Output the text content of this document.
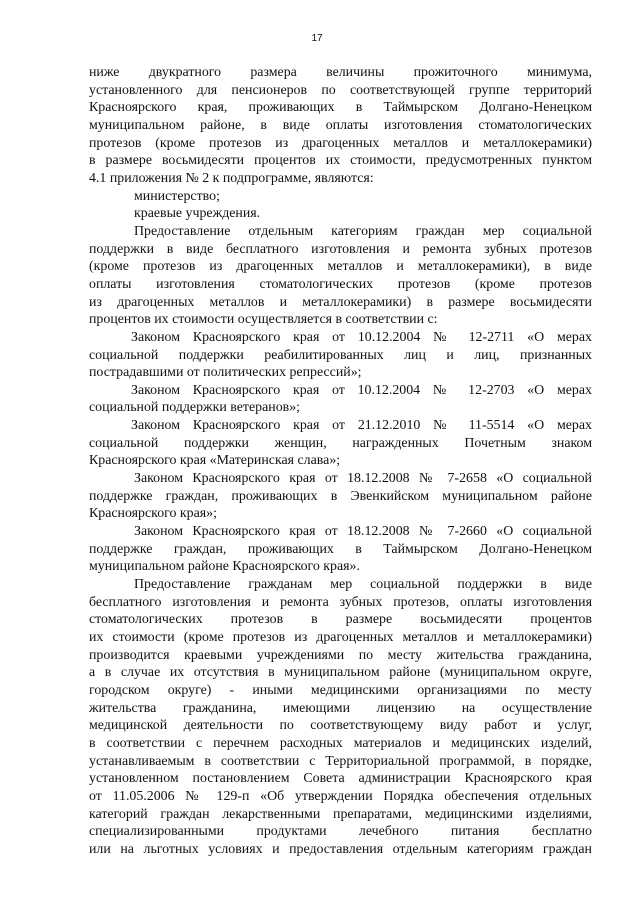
17
ниже двукратного размера величины прожиточного минимума,
установленного для пенсионеров по соответствующей группе территорий
Красноярского края, проживающих в Таймырском Долгано-Ненецком
муниципальном районе, в виде оплаты изготовления стоматологических
протезов (кроме протезов из драгоценных металлов и металлокерамики)
в размере восьмидесяти процентов их стоимости, предусмотренных пунктом
4.1 приложения № 2 к подпрограмме, являются:
министерство;
краевые учреждения.
Предоставление отдельным категориям граждан мер социальной
поддержки в виде бесплатного изготовления и ремонта зубных протезов
(кроме протезов из драгоценных металлов и металлокерамики), в виде
оплаты изготовления стоматологических протезов (кроме протезов
из драгоценных металлов и металлокерамики) в размере восьмидесяти
процентов их стоимости осуществляется в соответствии с:
Законом Красноярского края от 10.12.2004 № 12-2711 «О мерах
социальной поддержки реабилитированных лиц и лиц, признанных
пострадавшими от политических репрессий»;
Законом Красноярского края от 10.12.2004 № 12-2703 «О мерах
социальной поддержки ветеранов»;
Законом Красноярского края от 21.12.2010 № 11-5514 «О мерах
социальной поддержки женщин, награжденных Почетным знаком
Красноярского края «Материнская слава»;
Законом Красноярского края от 18.12.2008 № 7-2658 «О социальной
поддержке граждан, проживающих в Эвенкийском муниципальном районе
Красноярского края»;
Законом Красноярского края от 18.12.2008 № 7-2660 «О социальной
поддержке граждан, проживающих в Таймырском Долгано-Ненецком
муниципальном районе Красноярского края».
Предоставление гражданам мер социальной поддержки в виде
бесплатного изготовления и ремонта зубных протезов, оплаты изготовления
стоматологических протезов в размере восьмидесяти процентов
их стоимости (кроме протезов из драгоценных металлов и металлокерамики)
производится краевыми учреждениями по месту жительства гражданина,
а в случае их отсутствия в муниципальном районе (муниципальном округе,
городском округе) - иными медицинскими организациями по месту
жительства гражданина, имеющими лицензию на осуществление
медицинской деятельности по соответствующему виду работ и услуг,
в соответствии с перечнем расходных материалов и медицинских изделий,
устанавливаемым в соответствии с Территориальной программой, в порядке,
установленном постановлением Совета администрации Красноярского края
от 11.05.2006 № 129-п «Об утверждении Порядка обеспечения отдельных
категорий граждан лекарственными препаратами, медицинскими изделиями,
специализированными продуктами лечебного питания бесплатно
или на льготных условиях и предоставления отдельным категориям граждан
